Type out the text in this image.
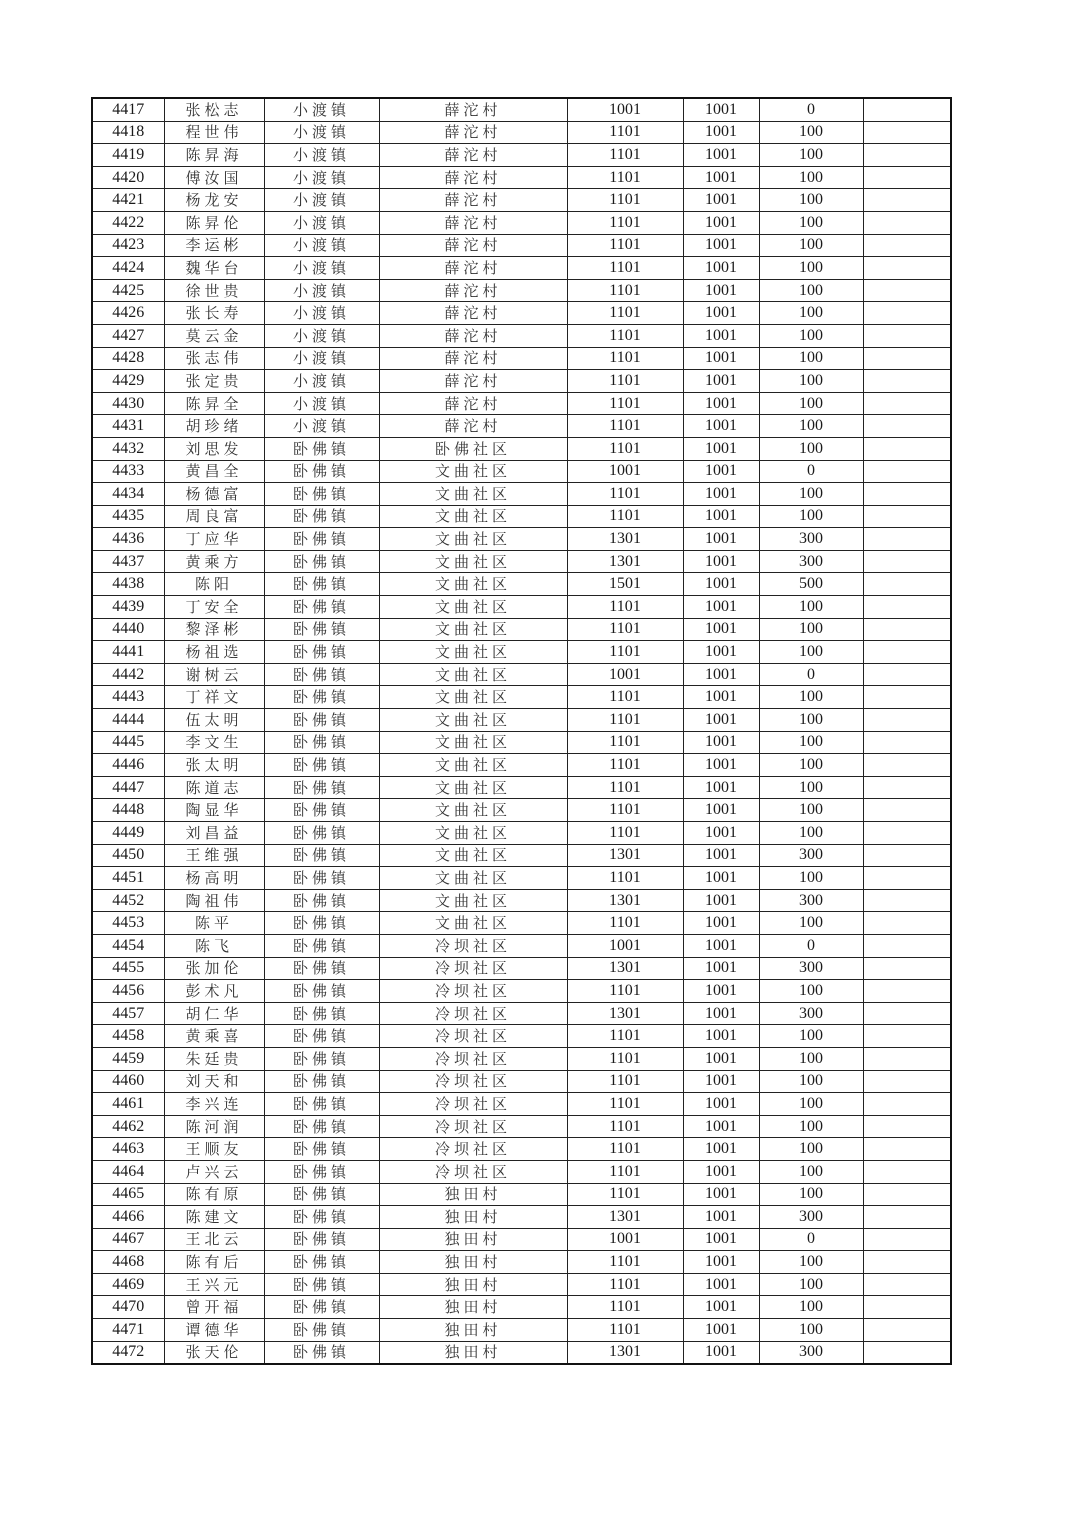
4417	张松志	小渡镇	薛沱村	1001	1001	0	
4418	程世伟	小渡镇	薛沱村	1101	1001	100	
4419	陈昇海	小渡镇	薛沱村	1101	1001	100	
4420	傅汝国	小渡镇	薛沱村	1101	1001	100	
4421	杨龙安	小渡镇	薛沱村	1101	1001	100	
4422	陈昇伦	小渡镇	薛沱村	1101	1001	100	
4423	李运彬	小渡镇	薛沱村	1101	1001	100	
4424	魏华台	小渡镇	薛沱村	1101	1001	100	
4425	徐世贵	小渡镇	薛沱村	1101	1001	100	
4426	张长寿	小渡镇	薛沱村	1101	1001	100	
4427	莫云金	小渡镇	薛沱村	1101	1001	100	
4428	张志伟	小渡镇	薛沱村	1101	1001	100	
4429	张定贵	小渡镇	薛沱村	1101	1001	100	
4430	陈昇全	小渡镇	薛沱村	1101	1001	100	
4431	胡珍绪	小渡镇	薛沱村	1101	1001	100	
4432	刘思发	卧佛镇	卧佛社区	1101	1001	100	
4433	黄昌全	卧佛镇	文曲社区	1001	1001	0	
4434	杨德富	卧佛镇	文曲社区	1101	1001	100	
4435	周良富	卧佛镇	文曲社区	1101	1001	100	
4436	丁应华	卧佛镇	文曲社区	1301	1001	300	
4437	黄乘方	卧佛镇	文曲社区	1301	1001	300	
4438	陈阳	卧佛镇	文曲社区	1501	1001	500	
4439	丁安全	卧佛镇	文曲社区	1101	1001	100	
4440	黎泽彬	卧佛镇	文曲社区	1101	1001	100	
4441	杨祖选	卧佛镇	文曲社区	1101	1001	100	
4442	谢树云	卧佛镇	文曲社区	1001	1001	0	
4443	丁祥文	卧佛镇	文曲社区	1101	1001	100	
4444	伍太明	卧佛镇	文曲社区	1101	1001	100	
4445	李文生	卧佛镇	文曲社区	1101	1001	100	
4446	张太明	卧佛镇	文曲社区	1101	1001	100	
4447	陈道志	卧佛镇	文曲社区	1101	1001	100	
4448	陶显华	卧佛镇	文曲社区	1101	1001	100	
4449	刘昌益	卧佛镇	文曲社区	1101	1001	100	
4450	王维强	卧佛镇	文曲社区	1301	1001	300	
4451	杨高明	卧佛镇	文曲社区	1101	1001	100	
4452	陶祖伟	卧佛镇	文曲社区	1301	1001	300	
4453	陈平	卧佛镇	文曲社区	1101	1001	100	
4454	陈飞	卧佛镇	冷坝社区	1001	1001	0	
4455	张加伦	卧佛镇	冷坝社区	1301	1001	300	
4456	彭术凡	卧佛镇	冷坝社区	1101	1001	100	
4457	胡仁华	卧佛镇	冷坝社区	1301	1001	300	
4458	黄乘喜	卧佛镇	冷坝社区	1101	1001	100	
4459	朱廷贵	卧佛镇	冷坝社区	1101	1001	100	
4460	刘天和	卧佛镇	冷坝社区	1101	1001	100	
4461	李兴连	卧佛镇	冷坝社区	1101	1001	100	
4462	陈河润	卧佛镇	冷坝社区	1101	1001	100	
4463	王顺友	卧佛镇	冷坝社区	1101	1001	100	
4464	卢兴云	卧佛镇	冷坝社区	1101	1001	100	
4465	陈有原	卧佛镇	独田村	1101	1001	100	
4466	陈建文	卧佛镇	独田村	1301	1001	300	
4467	王北云	卧佛镇	独田村	1001	1001	0	
4468	陈有后	卧佛镇	独田村	1101	1001	100	
4469	王兴元	卧佛镇	独田村	1101	1001	100	
4470	曾开福	卧佛镇	独田村	1101	1001	100	
4471	谭德华	卧佛镇	独田村	1101	1001	100	
4472	张天伦	卧佛镇	独田村	1301	1001	300	
